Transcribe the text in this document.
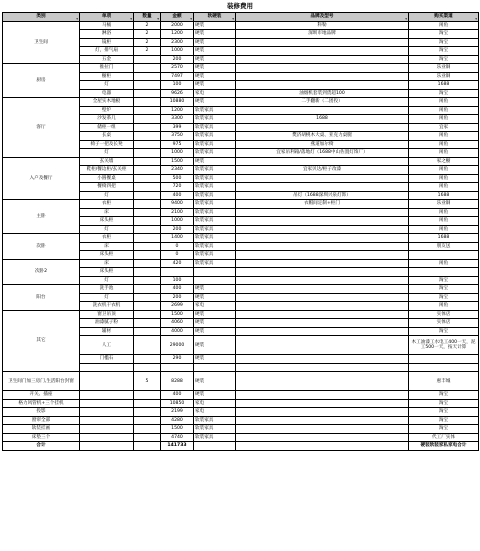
装修费用
类别 ▾	单项 ▾	数量 ▾	金额 ▾	软硬装 ▾	品牌及型号 ▾	购买渠道 ▾

卫生间	马桶	2	2000	硬装	科勒	闲鱼
	淋浴	2	1200	硬装	深圳市地品牌	淘宝
	镜柜	2	2300	硬装		淘宝
	灯，排气扇	2	1000	硬装		淘宝
	五金		200	硬装		淘宝
厨房	推拉门		2570	硬装		乐业铜
	橱柜		7497	硬装		乐业铜
	灯		100	硬装		1688
	电器		9626	家电	油烟机套装到货超100	淘宝
客厅	全屋实木地板		10880	硬装	二手翻新（二团投）	闲鱼
	壁炉		1200	软装家具		闲鱼
	沙发茶几		3300	软装家具	1688	闲鱼
	储柜一组		399	软装家具		宜家
	长桌		3750	软装家具	樊济胡桃木大桌、亚克力桌腿	闲鱼
	椅子一把及长凳		975	软装家具	燕道加尔椅	闲鱼
	灯		1000	软装家具	宜家吊利箱/落地灯（1688中山佐置灯饰厂）	闲鱼
入户及餐厅	玄关墙		1500	硬装		家之橱
	鞋柜/餐边柜/玄关柜		2340	软装家具	宜家贝达/柜子改漆	闲鱼
	小圆餐桌		500	软装家具		闲鱼
	餐椅四把		720	软装家具		闲鱼
	灯		400	软装家具	吊灯（1688深圳兴泉灯饰）	1688
主卧	衣柜		9400	软装家具	衣帽间定制+柜门	乐业铜
	床		2100	软装家具		闲鱼
	床头柜		1000	软装家具		闲鱼
	灯		200	软装家具		闲鱼
次卧	衣柜		1400	软装家具		1688
	床		0	软装家具		朋友送
	床头柜		0	软装家具		
次卧2	床		420	软装家具		闲鱼
	床头柜					
	灯		100			淘宝
阳台	洗手池		400	硬装		淘宝
	灯		200	硬装		淘宝
	洗衣机干衣机		2699	家电		闲鱼
其它	窗卫吊顶		1500	硬装		实体店
	油漆腻子粉		4060	硬装		实体店
	辅材		4000	硬装		淘宝
	人工		29000	硬装		木工油漆工水电工400一天，泥工500一天，按天计算
	门槛石		290	硬装		

卫生间门加三房门,生活阳台封窗		5	8288	硬装		惠丰城
开关、插座			400	硬装		淘宝
格力风管机+三个挂机			10850	家电		淘宝
投影			2199	家电		淘宝
窗帘全部			4280	软装家具		淘宝
软装挂画			1500	软装家具		淘宝
床垫三个			4740	软装家具		代工厂实体
合计			141733			硬装软装家私家电合计
